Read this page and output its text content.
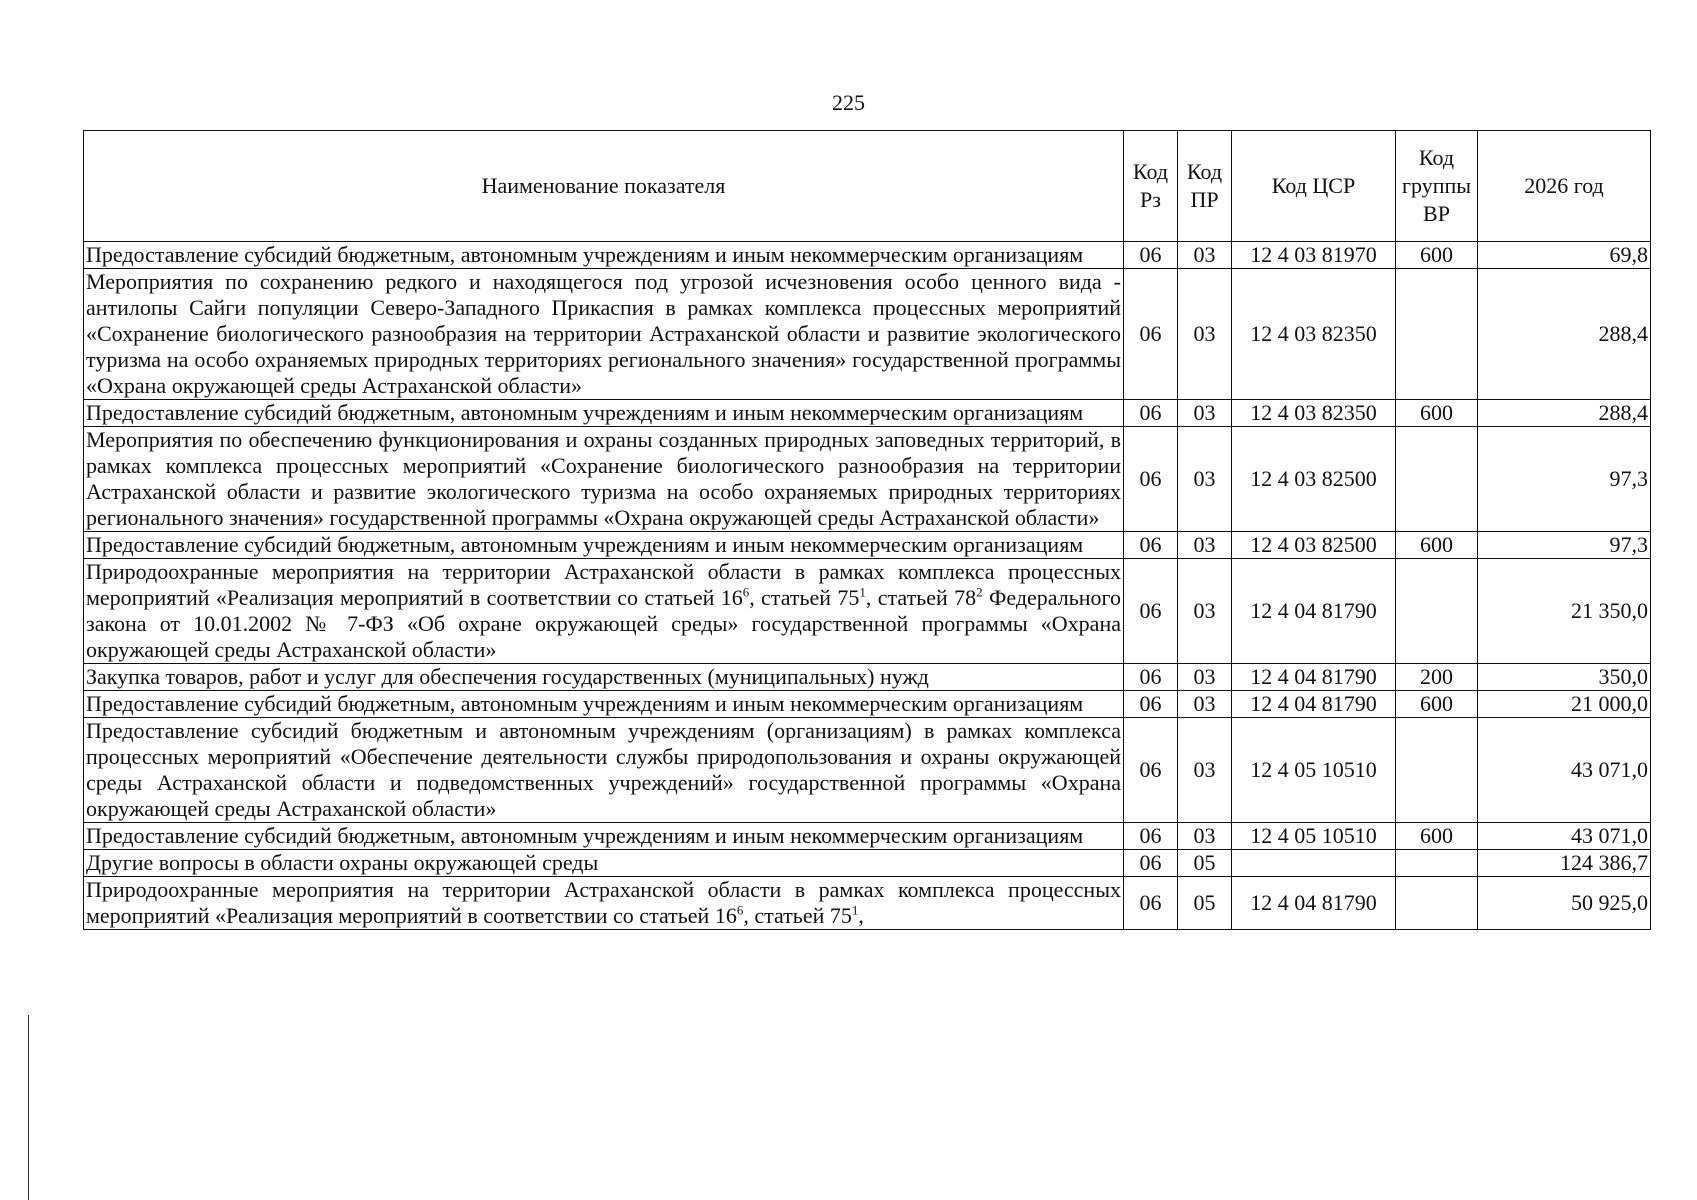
225
Наименование показателя	Код Рз	Код ПР	Код ЦСР	Код группы ВР	2026 год
Предоставление субсидий бюджетным, автономным учреждениям и иным некоммерческим организациям	06	03	12 4 03 81970	600	69,8
Мероприятия по сохранению редкого и находящегося под угрозой исчезновения особо ценного вида - антилопы Сайги популяции Северо-Западного Прикаспия в рамках комплекса процессных мероприятий «Сохранение биологического разнообразия на территории Астраханской области и развитие экологического туризма на особо охраняемых природных территориях регионального значения» государственной программы «Охрана окружающей среды Астраханской области»	06	03	12 4 03 82350		288,4
Предоставление субсидий бюджетным, автономным учреждениям и иным некоммерческим организациям	06	03	12 4 03 82350	600	288,4
Мероприятия по обеспечению функционирования и охраны созданных природных заповедных территорий, в рамках комплекса процессных мероприятий «Сохранение биологического разнообразия на территории Астраханской области и развитие экологического туризма на особо охраняемых природных территориях регионального значения» государственной программы «Охрана окружающей среды Астраханской области»	06	03	12 4 03 82500		97,3
Предоставление субсидий бюджетным, автономным учреждениям и иным некоммерческим организациям	06	03	12 4 03 82500	600	97,3
Природоохранные мероприятия на территории Астраханской области в рамках комплекса процессных мероприятий «Реализация мероприятий в соответствии со статьей $16^6$, статьей $75^1$, статьей $78^2$ Федерального закона от 10.01.2002 № 7-ФЗ «Об охране окружающей среды» государственной программы «Охрана окружающей среды Астраханской области»	06	03	12 4 04 81790		21 350,0
Закупка товаров, работ и услуг для обеспечения государственных (муниципальных) нужд	06	03	12 4 04 81790	200	350,0
Предоставление субсидий бюджетным, автономным учреждениям и иным некоммерческим организациям	06	03	12 4 04 81790	600	21 000,0
Предоставление субсидий бюджетным и автономным учреждениям (организациям) в рамках комплекса процессных мероприятий «Обеспечение деятельности службы природопользования и охраны окружающей среды Астраханской области и подведомственных учреждений» государственной программы «Охрана окружающей среды Астраханской области»	06	03	12 4 05 10510		43 071,0
Предоставление субсидий бюджетным, автономным учреждениям и иным некоммерческим организациям	06	03	12 4 05 10510	600	43 071,0
Другие вопросы в области охраны окружающей среды	06	05			124 386,7
Природоохранные мероприятия на территории Астраханской области в рамках комплекса процессных мероприятий «Реализация мероприятий в соответствии со статьей $16^6$, статьей $75^1$,	06	05	12 4 04 81790		50 925,0
